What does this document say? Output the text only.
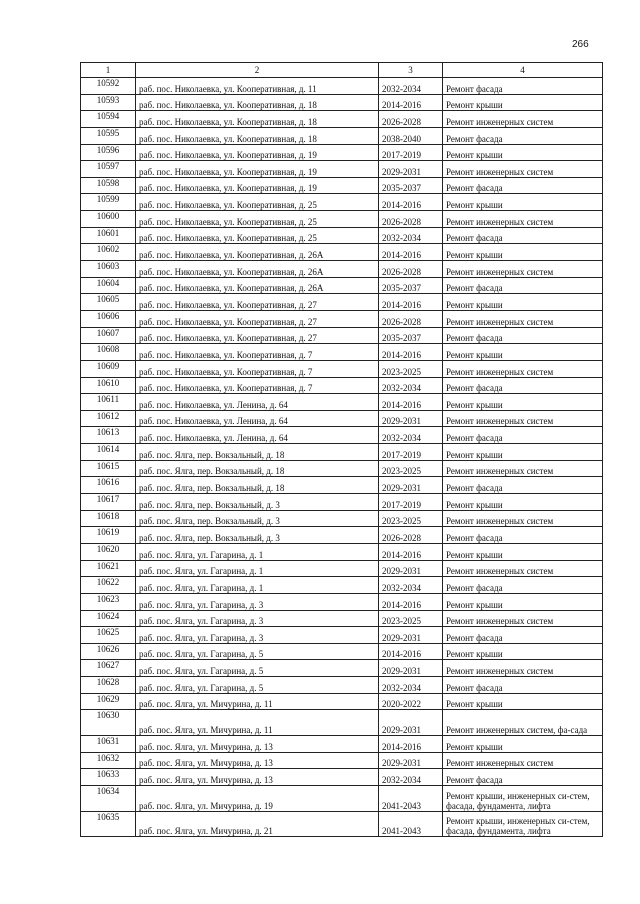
266
1	2	3	4
10592	раб. пос. Николаевка, ул. Кооперативная, д. 11	2032-2034	Ремонт фасада
10593	раб. пос. Николаевка, ул. Кооперативная, д. 18	2014-2016	Ремонт крыши
10594	раб. пос. Николаевка, ул. Кооперативная, д. 18	2026-2028	Ремонт инженерных систем
10595	раб. пос. Николаевка, ул. Кооперативная, д. 18	2038-2040	Ремонт фасада
10596	раб. пос. Николаевка, ул. Кооперативная, д. 19	2017-2019	Ремонт крыши
10597	раб. пос. Николаевка, ул. Кооперативная, д. 19	2029-2031	Ремонт инженерных систем
10598	раб. пос. Николаевка, ул. Кооперативная, д. 19	2035-2037	Ремонт фасада
10599	раб. пос. Николаевка, ул. Кооперативная, д. 25	2014-2016	Ремонт крыши
10600	раб. пос. Николаевка, ул. Кооперативная, д. 25	2026-2028	Ремонт инженерных систем
10601	раб. пос. Николаевка, ул. Кооперативная, д. 25	2032-2034	Ремонт фасада
10602	раб. пос. Николаевка, ул. Кооперативная, д. 26А	2014-2016	Ремонт крыши
10603	раб. пос. Николаевка, ул. Кооперативная, д. 26А	2026-2028	Ремонт инженерных систем
10604	раб. пос. Николаевка, ул. Кооперативная, д. 26А	2035-2037	Ремонт фасада
10605	раб. пос. Николаевка, ул. Кооперативная, д. 27	2014-2016	Ремонт крыши
10606	раб. пос. Николаевка, ул. Кооперативная, д. 27	2026-2028	Ремонт инженерных систем
10607	раб. пос. Николаевка, ул. Кооперативная, д. 27	2035-2037	Ремонт фасада
10608	раб. пос. Николаевка, ул. Кооперативная, д. 7	2014-2016	Ремонт крыши
10609	раб. пос. Николаевка, ул. Кооперативная, д. 7	2023-2025	Ремонт инженерных систем
10610	раб. пос. Николаевка, ул. Кооперативная, д. 7	2032-2034	Ремонт фасада
10611	раб. пос. Николаевка, ул. Ленина, д. 64	2014-2016	Ремонт крыши
10612	раб. пос. Николаевка, ул. Ленина, д. 64	2029-2031	Ремонт инженерных систем
10613	раб. пос. Николаевка, ул. Ленина, д. 64	2032-2034	Ремонт фасада
10614	раб. пос. Ялга, пер. Вокзальный, д. 18	2017-2019	Ремонт крыши
10615	раб. пос. Ялга, пер. Вокзальный, д. 18	2023-2025	Ремонт инженерных систем
10616	раб. пос. Ялга, пер. Вокзальный, д. 18	2029-2031	Ремонт фасада
10617	раб. пос. Ялга, пер. Вокзальный, д. 3	2017-2019	Ремонт крыши
10618	раб. пос. Ялга, пер. Вокзальный, д. 3	2023-2025	Ремонт инженерных систем
10619	раб. пос. Ялга, пер. Вокзальный, д. 3	2026-2028	Ремонт фасада
10620	раб. пос. Ялга, ул. Гагарина, д. 1	2014-2016	Ремонт крыши
10621	раб. пос. Ялга, ул. Гагарина, д. 1	2029-2031	Ремонт инженерных систем
10622	раб. пос. Ялга, ул. Гагарина, д. 1	2032-2034	Ремонт фасада
10623	раб. пос. Ялга, ул. Гагарина, д. 3	2014-2016	Ремонт крыши
10624	раб. пос. Ялга, ул. Гагарина, д. 3	2023-2025	Ремонт инженерных систем
10625	раб. пос. Ялга, ул. Гагарина, д. 3	2029-2031	Ремонт фасада
10626	раб. пос. Ялга, ул. Гагарина, д. 5	2014-2016	Ремонт крыши
10627	раб. пос. Ялга, ул. Гагарина, д. 5	2029-2031	Ремонт инженерных систем
10628	раб. пос. Ялга, ул. Гагарина, д. 5	2032-2034	Ремонт фасада
10629	раб. пос. Ялга, ул. Мичурина, д. 11	2020-2022	Ремонт крыши
10630	раб. пос. Ялга, ул. Мичурина, д. 11	2029-2031	Ремонт инженерных систем, фа-сада
10631	раб. пос. Ялга, ул. Мичурина, д. 13	2014-2016	Ремонт крыши
10632	раб. пос. Ялга, ул. Мичурина, д. 13	2029-2031	Ремонт инженерных систем
10633	раб. пос. Ялга, ул. Мичурина, д. 13	2032-2034	Ремонт фасада
10634	раб. пос. Ялга, ул. Мичурина, д. 19	2041-2043	Ремонт крыши, инженерных си-стем, фасада, фундамента, лифта
10635	раб. пос. Ялга, ул. Мичурина, д. 21	2041-2043	Ремонт крыши, инженерных си-стем, фасада, фундамента, лифта
